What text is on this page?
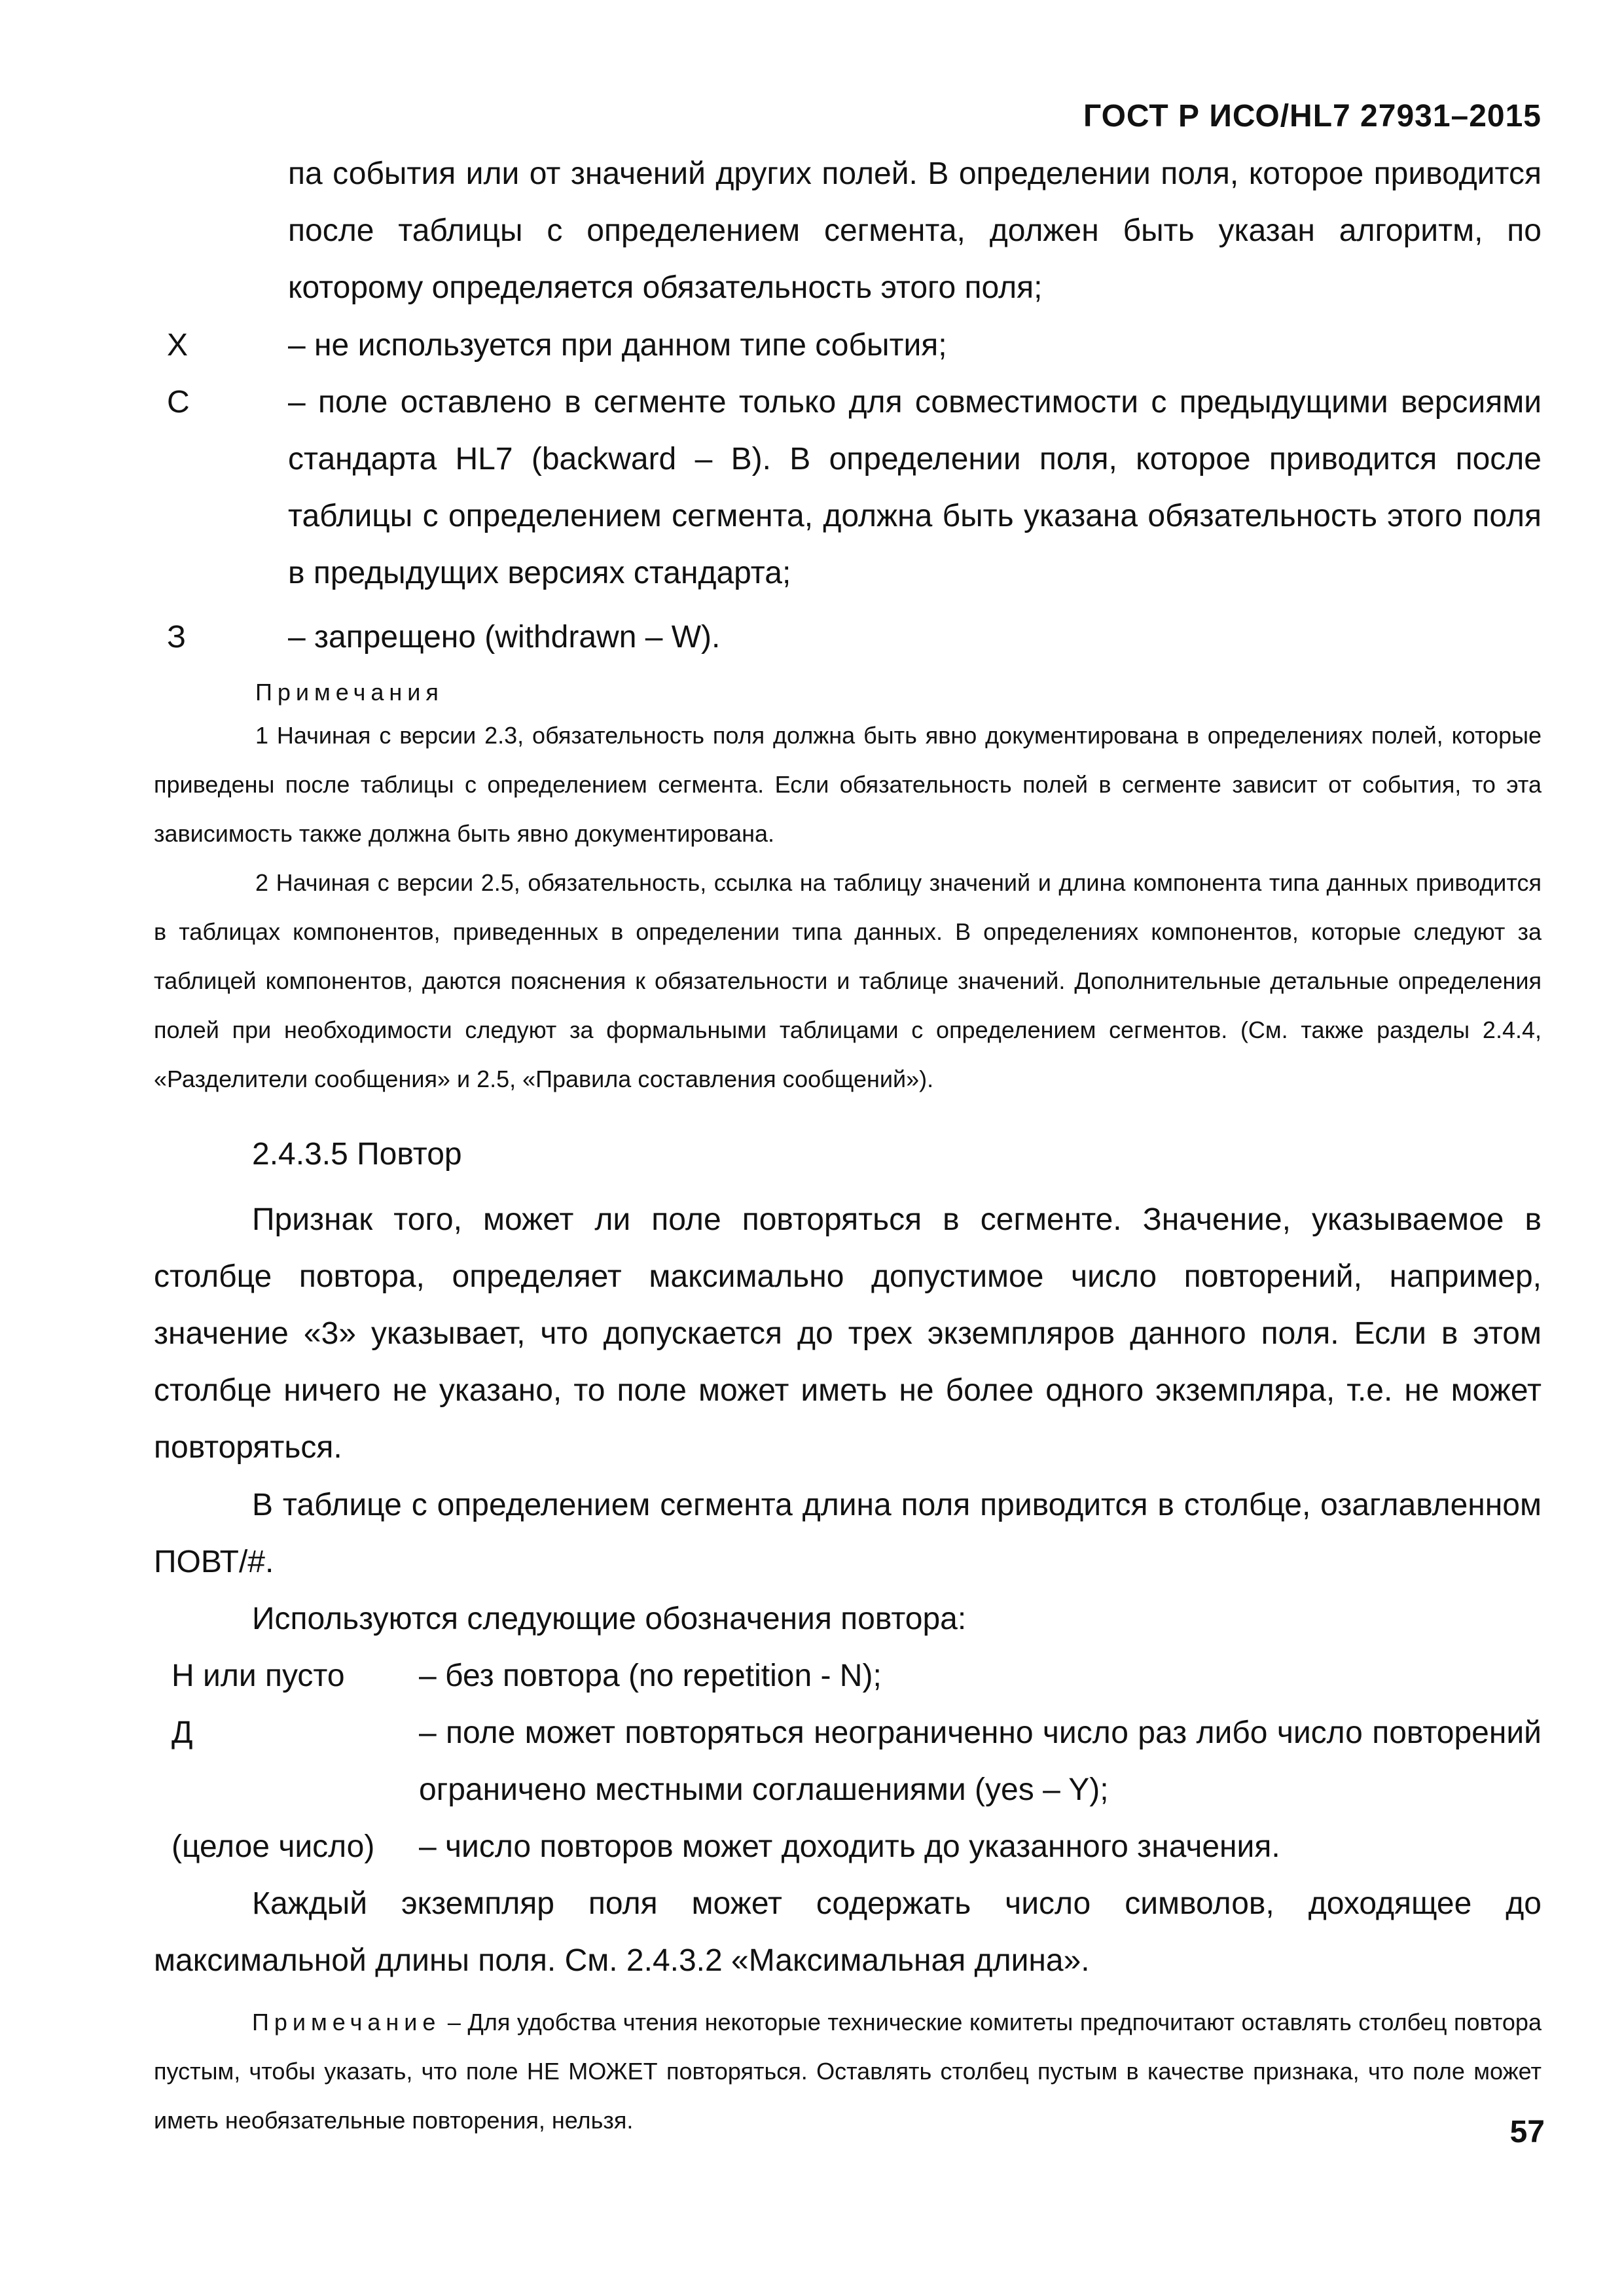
ГОСТ Р ИСО/HL7 27931–2015

па события или от значений других полей. В определении поля, которое приводится после таблицы с определением сегмента, должен быть указан алгоритм, по которому определяется обязательность этого поля;

X	– не используется при данном типе события;

C	– поле оставлено в сегменте только для совместимости с предыдущими версиями стандарта HL7 (backward – B). В определении поля, которое приводится после таблицы с определением сегмента, должна быть указана обязательность этого поля в предыдущих версиях стандарта;

З	– запрещено (withdrawn – W).

Примечания

1 Начиная с версии 2.3, обязательность поля должна быть явно документирована в определениях полей, которые приведены после таблицы с определением сегмента. Если обязательность полей в сегменте зависит от события, то эта зависимость также должна быть явно документирована.

2 Начиная с версии 2.5, обязательность, ссылка на таблицу значений и длина компонента типа данных приводится в таблицах компонентов, приведенных в определении типа данных. В определениях компонентов, которые следуют за таблицей компонентов, даются пояснения к обязательности и таблице значений. Дополнительные детальные определения полей при необходимости следуют за формальными таблицами с определением сегментов. (См. также разделы 2.4.4, «Разделители сообщения» и 2.5, «Правила составления сообщений»).

2.4.3.5 Повтор

Признак того, может ли поле повторяться в сегменте. Значение, указываемое в столбце повтора, определяет максимально допустимое число повторений, например, значение «3» указывает, что допускается до трех экземпляров данного поля. Если в этом столбце ничего не указано, то поле может иметь не более одного экземпляра, т.е. не может повторяться.

В таблице с определением сегмента длина поля приводится в столбце, озаглавленном ПОВТ/#.

Используются следующие обозначения повтора:

Н или пусто – без повтора (no repetition - N);

Д	– поле может повторяться неограниченно число раз либо число повторений ограничено местными соглашениями (yes – Y);

(целое число) – число повторов может доходить до указанного значения.

Каждый экземпляр поля может содержать число символов, доходящее до максимальной длины поля. См. 2.4.3.2 «Максимальная длина».

Примечание – Для удобства чтения некоторые технические комитеты предпочитают оставлять столбец повтора пустым, чтобы указать, что поле НЕ МОЖЕТ повторяться. Оставлять столбец пустым в качестве признака, что поле может иметь необязательные повторения, нельзя.	57
